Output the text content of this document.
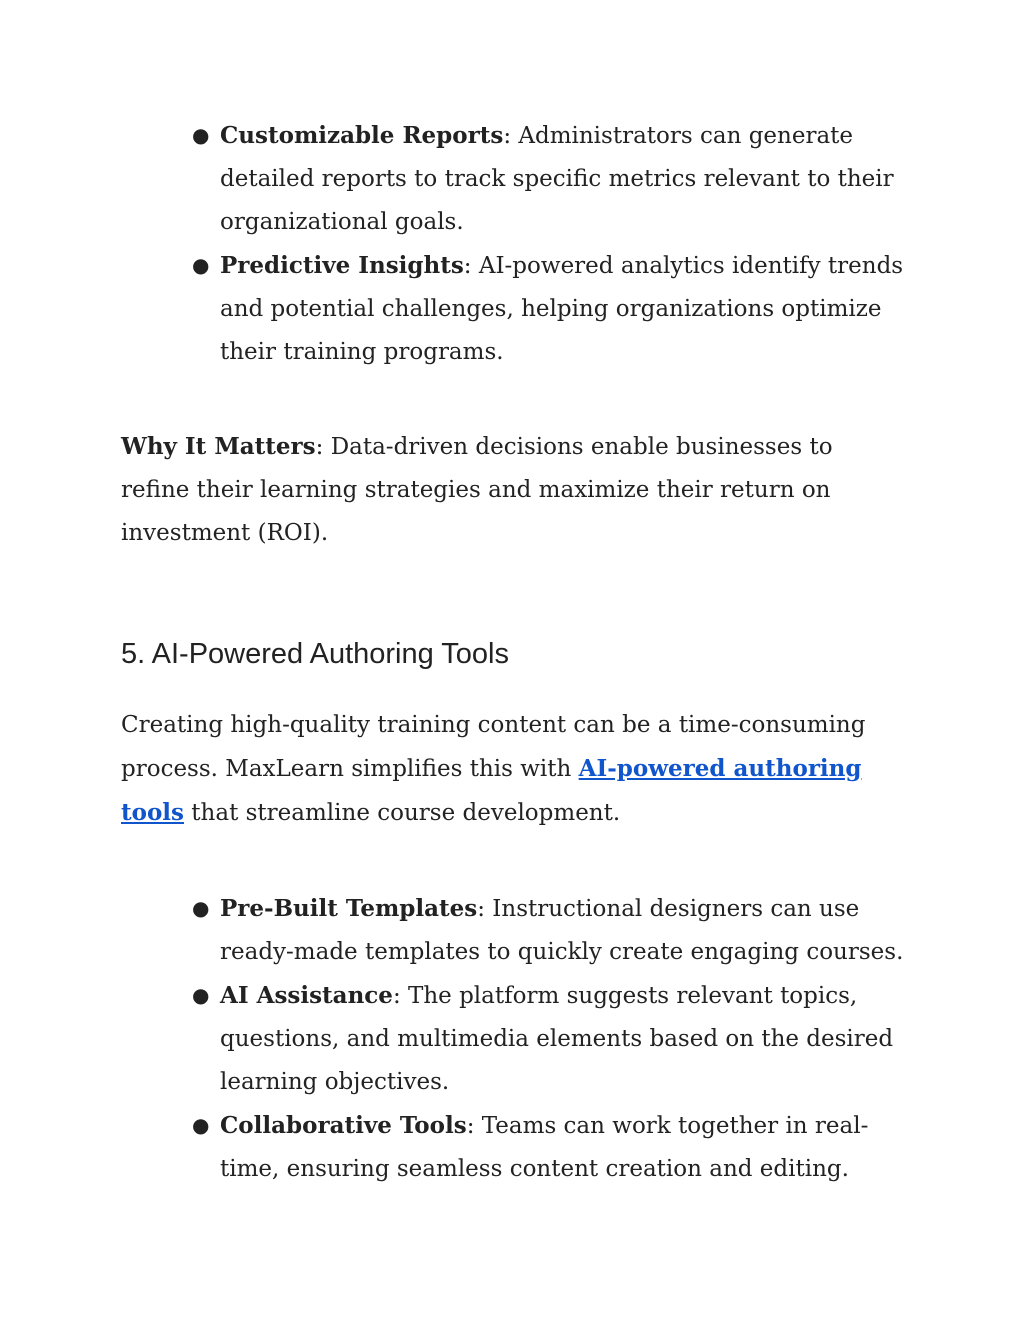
● Customizable Reports: Administrators can generate detailed reports to track specific metrics relevant to their organizational goals.
● Predictive Insights: AI-powered analytics identify trends and potential challenges, helping organizations optimize their training programs.

Why It Matters: Data-driven decisions enable businesses to refine their learning strategies and maximize their return on investment (ROI).

5. AI-Powered Authoring Tools

Creating high-quality training content can be a time-consuming process. MaxLearn simplifies this with AI-powered authoring tools that streamline course development.

● Pre-Built Templates: Instructional designers can use ready-made templates to quickly create engaging courses.
● AI Assistance: The platform suggests relevant topics, questions, and multimedia elements based on the desired learning objectives.
● Collaborative Tools: Teams can work together in real-time, ensuring seamless content creation and editing.
